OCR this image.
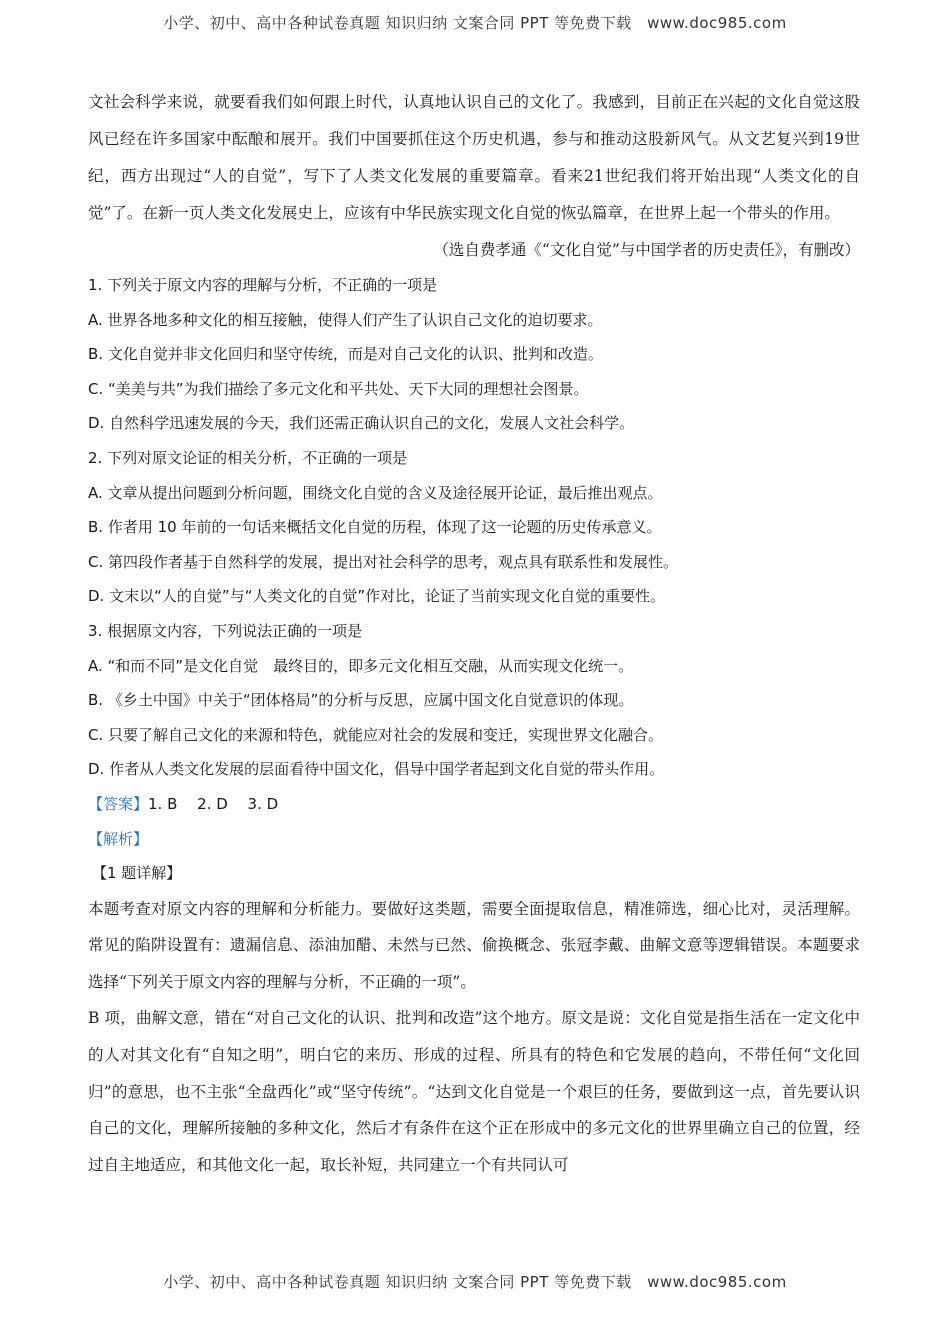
小学、初中、高中各种试卷真题 知识归纳 文案合同 PPT 等免费下载　www.doc985.com

文社会科学来说，就要看我们如何跟上时代，认真地认识自己的文化了。我感到，目前正在兴起的文化自觉这股风已经在许多国家中酝酿和展开。我们中国要抓住这个历史机遇，参与和推动这股新风气。从文艺复兴到19世纪，西方出现过“人的自觉”，写下了人类文化发展的重要篇章。看来21世纪我们将开始出现“人类文化的自觉”了。在新一页人类文化发展史上，应该有中华民族实现文化自觉的恢弘篇章，在世界上起一个带头的作用。

（选自费孝通《“文化自觉”与中国学者的历史责任》，有删改）

1. 下列关于原文内容的理解与分析，不正确的一项是

A. 世界各地多种文化的相互接触，使得人们产生了认识自己文化的迫切要求。

B. 文化自觉并非文化回归和坚守传统，而是对自己文化的认识、批判和改造。

C. “美美与共”为我们描绘了多元文化和平共处、天下大同的理想社会图景。

D. 自然科学迅速发展的今天，我们还需正确认识自己的文化，发展人文社会科学。

2. 下列对原文论证的相关分析，不正确的一项是

A. 文章从提出问题到分析问题，围绕文化自觉的含义及途径展开论证，最后推出观点。

B. 作者用 10 年前的一句话来概括文化自觉的历程，体现了这一论题的历史传承意义。

C. 第四段作者基于自然科学的发展，提出对社会科学的思考，观点具有联系性和发展性。

D. 文末以“人的自觉”与“人类文化的自觉”作对比，论证了当前实现文化自觉的重要性。

3. 根据原文内容，下列说法正确的一项是

A. “和而不同”是文化自觉　最终目的，即多元文化相互交融，从而实现文化统一。

B. 《乡土中国》中关于“团体格局”的分析与反思，应属中国文化自觉意识的体现。

C. 只要了解自己文化的来源和特色，就能应对社会的发展和变迁，实现世界文化融合。

D. 作者从人类文化发展的层面看待中国文化，倡导中国学者起到文化自觉的带头作用。

【答案】1. B　 2. D　 3. D

【解析】

【1 题详解】

本题考查对原文内容的理解和分析能力。要做好这类题，需要全面提取信息，精准筛选，细心比对，灵活理解。常见的陷阱设置有：遗漏信息、添油加醋、未然与已然、偷换概念、张冠李戴、曲解文意等逻辑错误。本题要求选择“下列关于原文内容的理解与分析，不正确的一项”。

B 项，曲解文意，错在“对自己文化的认识、批判和改造”这个地方。原文是说：文化自觉是指生活在一定文化中的人对其文化有“自知之明”，明白它的来历、形成的过程、所具有的特色和它发展的趋向，不带任何“文化回归”的意思，也不主张“全盘西化”或“坚守传统”。“达到文化自觉是一个艰巨的任务，要做到这一点，首先要认识自己的文化，理解所接触的多种文化，然后才有条件在这个正在形成中的多元文化的世界里确立自己的位置，经过自主地适应，和其他文化一起，取长补短，共同建立一个有共同认可

小学、初中、高中各种试卷真题 知识归纳 文案合同 PPT 等免费下载　www.doc985.com
